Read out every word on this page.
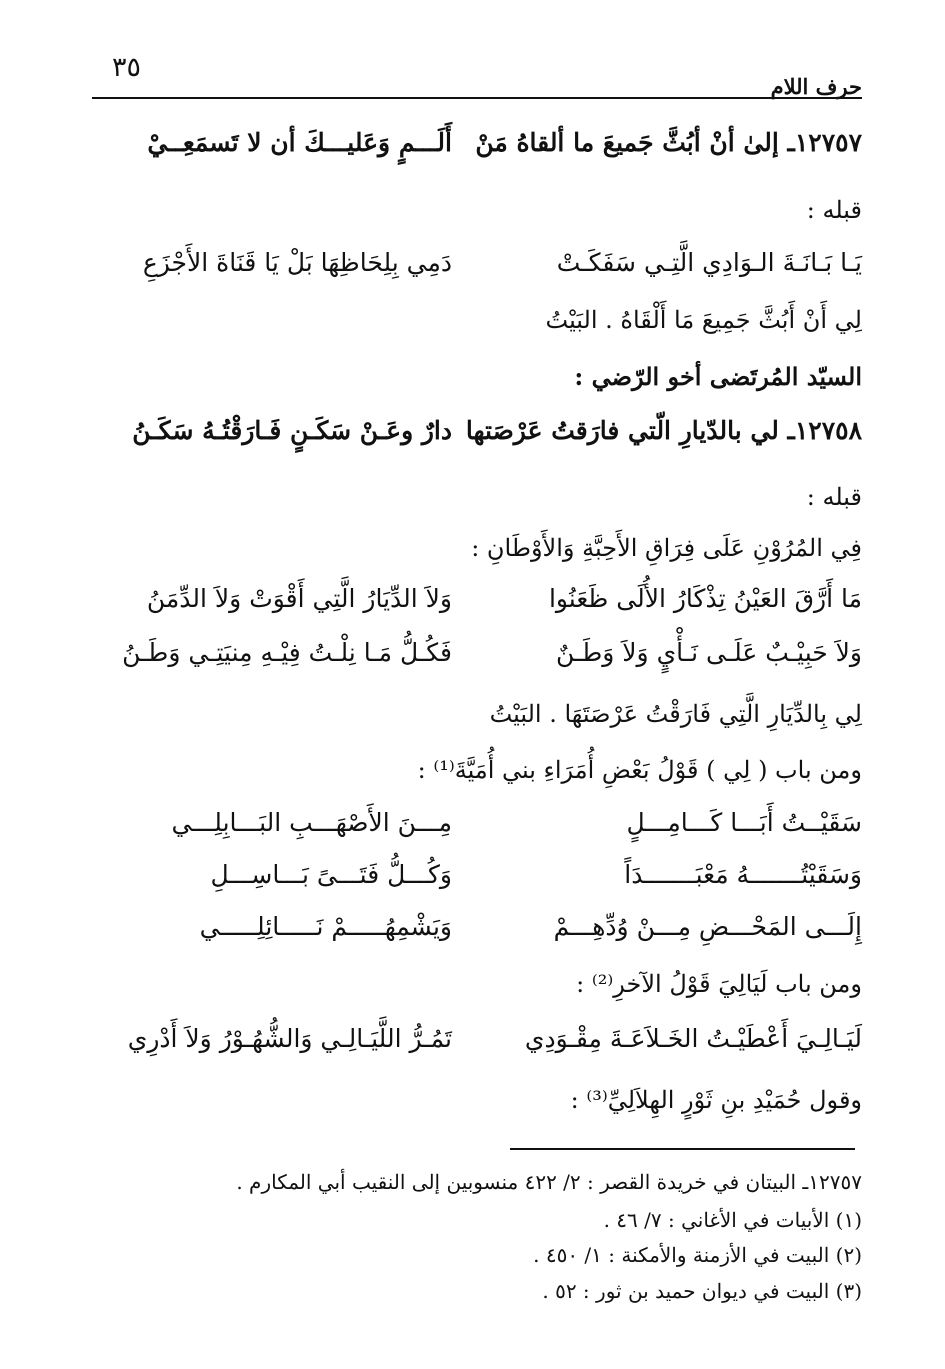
٣٥
حرف اللام
١٢٧٥٧ـ إلىٰ أنْ أبُثَّ جَميعَ ما ألقاهُ مَنْ
أَلَـــمٍ وَعَليـــكَ أن لا تَسمَعِــيْ
قبله :
يَـا بَـانَـةَ الـوَادِي الَّتِـي سَفَكَـتْ
دَمِي بِلِحَاظِهَا بَلْ يَا قَنَاةَ الأَجْزَعِ
لِي أَنْ أَبُثَّ جَمِيعَ مَا أَلْقَاهُ . البَيْتُ
السيّد المُرتَضى أخو الرّضي :
١٢٧٥٨ـ لي بالدّيارِ الّتي فارَقتُ عَرْصَتها
دارٌ وعَـنْ سَكَـنٍ فَـارَقْتُـهُ سَكَـنُ
قبله :
فِي المُرُوْنِ عَلَى فِرَاقِ الأَحِبَّةِ وَالأَوْطَانِ :
مَا أَرَّقَ العَيْنُ تِذْكَارُ الأُلَى ظَعَنُوا
وَلاَ الدِّيَارُ الَّتِي أَقْوَتْ وَلاَ الدِّمَنُ
وَلاَ حَبِيْـبٌ عَلَـى نَـأْيٍ وَلاَ وَطَـنٌ
فَكُـلُّ مَـا نِلْـتُ فِيْـهِ مِنيَتِـي وَطَـنُ
لِي بِالدِّيَارِ الَّتِي فَارَقْتُ عَرْصَتَهَا . البَيْتُ
ومن باب ( لِي ) قَوْلُ بَعْضِ أُمَرَاءِ بني أُمَيَّةَ⁽¹⁾ :
سَقَيْــتُ أَبَـــا كَـــامِـــلٍ
مِـــنَ الأَصْهَـــبِ البَـــابِلِـــي
وَسَقَيْتُـــــــهُ مَعْبَـــــــدَاً
وَكُـــلُّ فَتَـــىً بَـــاسِـــلِ
إِلَـــى المَحْـــضِ مِـــنْ وُدِّهِـــمْ
وَيَشْمِهُـــــمْ نَـــــائِلِـــــي
ومن باب لَيَالِيَ قَوْلُ الآخرِ⁽²⁾ :
لَيَـالِـيَ أَعْطَيْـتُ الخَـلاَعَـةَ مِقْـوَدِي
تَمُـرُّ اللَّيَـالِـي وَالشُّهُـوْرُ وَلاَ أَدْرِي
وقول حُمَيْدِ بنِ ثَوْرٍ الهِلاَلِيِّ⁽³⁾ :
١٢٧٥٧ـ البيتان في خريدة القصر : ٢/ ٤٢٢ منسوبين إلى النقيب أبي المكارم .
(١) الأبيات في الأغاني : ٧/ ٤٦ .
(٢) البيت في الأزمنة والأمكنة : ١/ ٤٥٠ .
(٣) البيت في ديوان حميد بن ثور : ٥٢ .
